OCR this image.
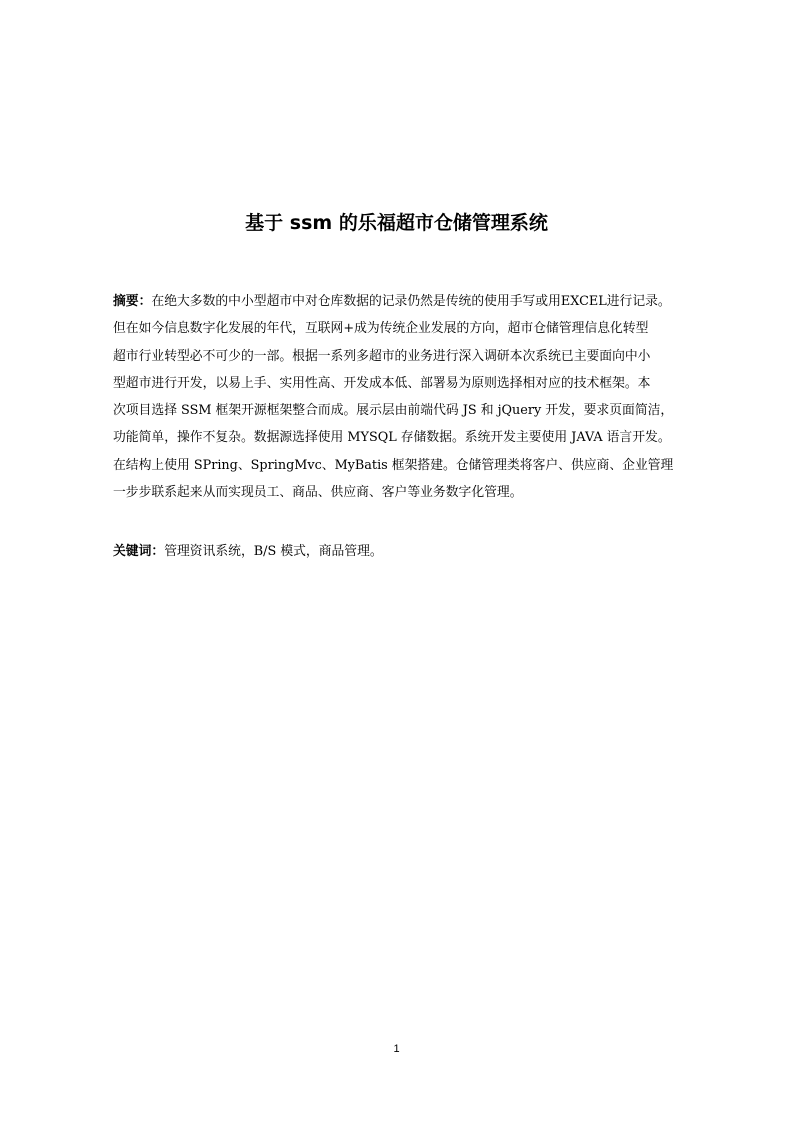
基于 ssm 的乐福超市仓储管理系统
摘要：在绝大多数的中小型超市中对仓库数据的记录仍然是传统的使用手写或用EXCEL进行记录。
但在如今信息数字化发展的年代，互联网+成为传统企业发展的方向，超市仓储管理信息化转型
超市行业转型必不可少的一部。根据一系列多超市的业务进行深入调研本次系统已主要面向中小
型超市进行开发，以易上手、实用性高、开发成本低、部署易为原则选择相对应的技术框架。本
次项目选择 SSM 框架开源框架整合而成。展示层由前端代码 JS 和 jQuery 开发，要求页面简洁，
功能简单，操作不复杂。数据源选择使用 MYSQL 存储数据。系统开发主要使用 JAVA 语言开发。
在结构上使用 SPring、SpringMvc、MyBatis 框架搭建。仓储管理类将客户、供应商、企业管理
一步步联系起来从而实现员工、商品、供应商、客户等业务数字化管理。
关键词：管理资讯系统，B/S 模式，商品管理。
1
